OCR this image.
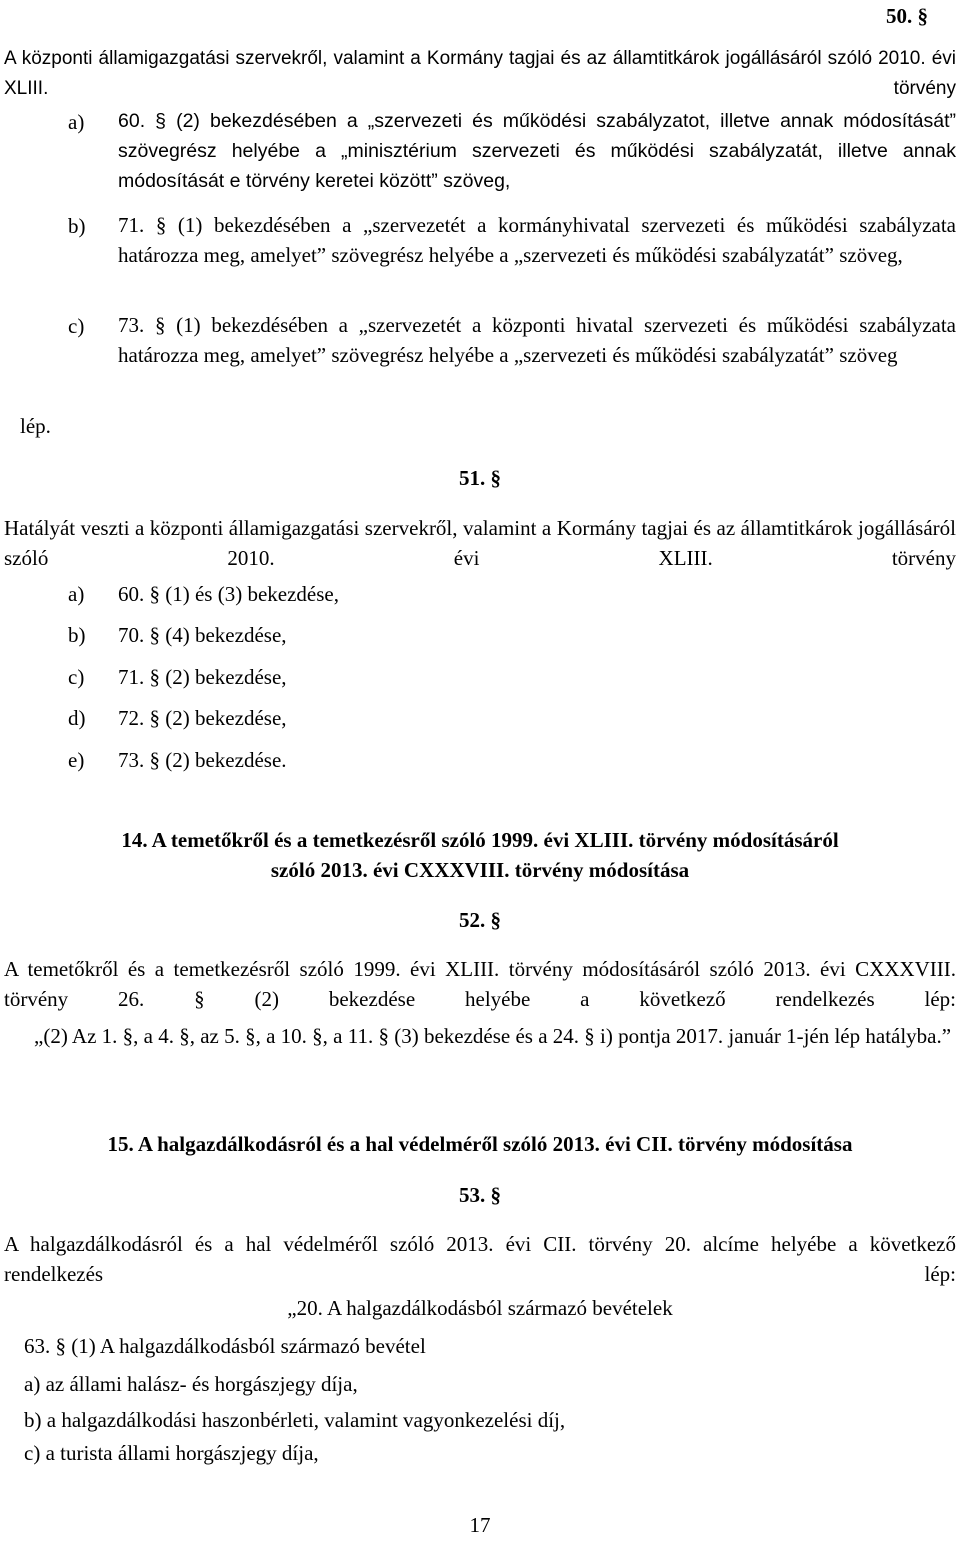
50. §
A központi államigazgatási szervekről, valamint a Kormány tagjai és az államtitkárok jogállásáról szóló 2010. évi XLIII. törvény
a) 60. § (2) bekezdésében a „szervezeti és működési szabályzatot, illetve annak módosítását” szövegrész helyébe a „minisztérium szervezeti és működési szabályzatát, illetve annak módosítását e törvény keretei között” szöveg,
b) 71. § (1) bekezdésében a „szervezetét a kormányhivatal szervezeti és működési szabályzata határozza meg, amelyet” szövegrész helyébe a „szervezeti és működési szabályzatát” szöveg,
c) 73. § (1) bekezdésében a „szervezetét a központi hivatal szervezeti és működési szabályzata határozza meg, amelyet” szövegrész helyébe a „szervezeti és működési szabályzatát” szöveg
lép.
51. §
Hatályát veszti a központi államigazgatási szervekről, valamint a Kormány tagjai és az államtitkárok jogállásáról szóló 2010. évi XLIII. törvény
a) 60. § (1) és (3) bekezdése,
b) 70. § (4) bekezdése,
c) 71. § (2) bekezdése,
d) 72. § (2) bekezdése,
e) 73. § (2) bekezdése.
14. A temetőkről és a temetkezésről szóló 1999. évi XLIII. törvény módosításáról
szóló 2013. évi CXXXVIII. törvény módosítása
52. §
A temetőkről és a temetkezésről szóló 1999. évi XLIII. törvény módosításáról szóló 2013. évi CXXXVIII. törvény 26. § (2) bekezdése helyébe a következő rendelkezés lép:
„(2) Az 1. §, a 4. §, az 5. §, a 10. §, a 11. § (3) bekezdése és a 24. § i) pontja 2017. január 1-jén lép hatályba.”
15. A halgazdálkodásról és a hal védelméről szóló 2013. évi CII. törvény módosítása
53. §
A halgazdálkodásról és a hal védelméről szóló 2013. évi CII. törvény 20. alcíme helyébe a következő rendelkezés lép:
„20. A halgazdálkodásból származó bevételek
63. § (1) A halgazdálkodásból származó bevétel
a) az állami halász- és horgászjegy díja,
b) a halgazdálkodási haszonbérleti, valamint vagyonkezelési díj,
c) a turista állami horgászjegy díja,
17
